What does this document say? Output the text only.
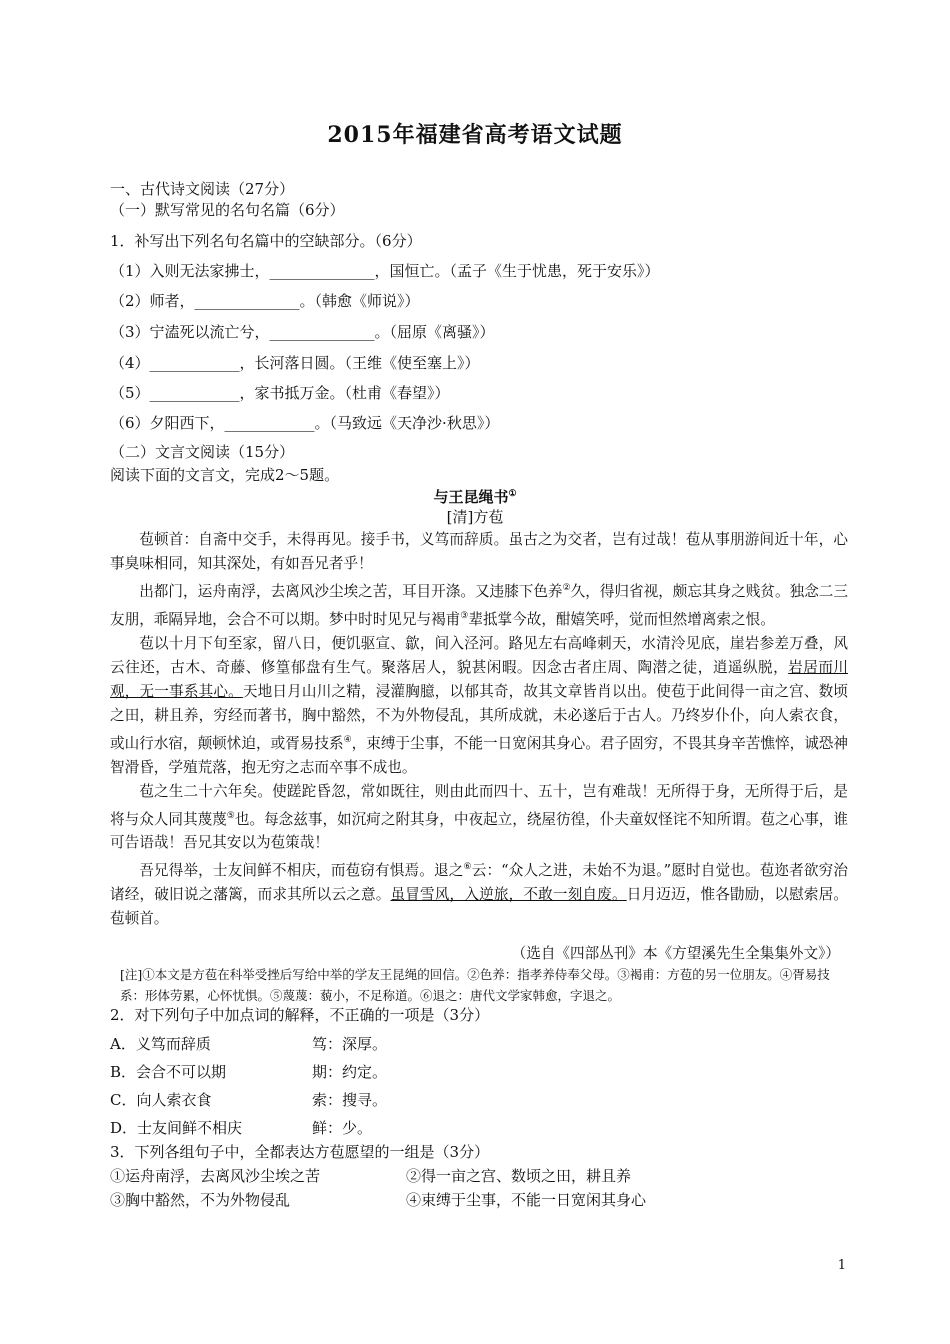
2015年福建省高考语文试题
一、古代诗文阅读（27分）
（一）默写常见的名句名篇（6分）
1．补写出下列名句名篇中的空缺部分。（6分）
（1）入则无法家拂士，______________，国恒亡。（孟子《生于忧患，死于安乐》）
（2）师者，______________。（韩愈《师说》）
（3）宁溘死以流亡兮，______________。（屈原《离骚》）
（4）____________，长河落日圆。（王维《使至塞上》）
（5）____________，家书抵万金。（杜甫《春望》）
（6）夕阳西下，____________。（马致远《天净沙·秋思》）
（二）文言文阅读（15分）
阅读下面的文言文，完成2～5题。
与王昆绳书①
[清]方苞

苞顿首：自斋中交手，未得再见。接手书，义笃而辞质。虽古之为交者，岂有过哉！苞从事朋游间近十年，心事臭味相同，知其深处，有如吾兄者乎！

出都门，运舟南浮，去离风沙尘埃之苦，耳目开涤。又违膝下色养②久，得归省视，颇忘其身之贱贫。独念二三友朋，乖隔异地，会合不可以期。梦中时时见兄与褐甫③辈抵掌今故，酣嬉笑呼，觉而怛然增离索之恨。

苞以十月下旬至家，留八日，便饥驱宣、歙，间入泾河。路见左右高峰刺天，水清泠见底，崖岩参差万叠，风云往还，古木、奇藤、修篁郁盘有生气。聚落居人，貌甚闲暇。因念古者庄周、陶潜之徒，逍遥纵脱，岩居而川观，无一事系其心。天地日月山川之精，浸灌胸臆，以郁其奇，故其文章皆肖以出。使苞于此间得一亩之宫、数顷之田，耕且养，穷经而著书，胸中豁然，不为外物侵乱，其所成就，未必遂后于古人。乃终岁仆仆，向人索衣食，或山行水宿，颠顿怵迫，或胥易技系④，束缚于尘事，不能一日宽闲其身心。君子固穷，不畏其身辛苦憔悴，诚恐神智滑昏，学殖荒落，抱无穷之志而卒事不成也。

苞之生二十六年矣。使蹉跎昏忽，常如既往，则由此而四十、五十，岂有难哉！无所得于身，无所得于后，是将与众人同其蔑蔑⑤也。每念兹事，如沉疴之附其身，中夜起立，绕屋彷徨，仆夫童奴怪诧不知所谓。苞之心事，谁可告语哉！吾兄其安以为苞策哉！

吾兄得举，士友间鲜不相庆，而苞窃有惧焉。退之⑥云：“众人之进，未始不为退。”愿时自觉也。苞迩者欲穷治诸经，破旧说之藩篱，而求其所以云之意。虽冒雪风，入逆旅，不敢一刻自废。日月迈迈，惟各勖励，以慰索居。苞顿首。

（选自《四部丛刊》本《方望溪先生全集集外文》）
[注]①本文是方苞在科举受挫后写给中举的学友王昆绳的回信。②色养：指孝养侍奉父母。③褐甫：方苞的另一位朋友。④胥易技系：形体劳累，心怀忧惧。⑤蔑蔑：藐小，不足称道。⑥退之：唐代文学家韩愈，字退之。
2．对下列句子中加点词的解释，不正确的一项是（3分）
A．义笃而辞质	笃：深厚。
B．会合不可以期	期：约定。
C．向人索衣食	索：搜寻。
D．士友间鲜不相庆	鲜：少。
3．下列各组句子中，全都表达方苞愿望的一组是（3分）
①运舟南浮，去离风沙尘埃之苦	②得一亩之宫、数顷之田，耕且养
③胸中豁然，不为外物侵乱	④束缚于尘事，不能一日宽闲其身心
1
